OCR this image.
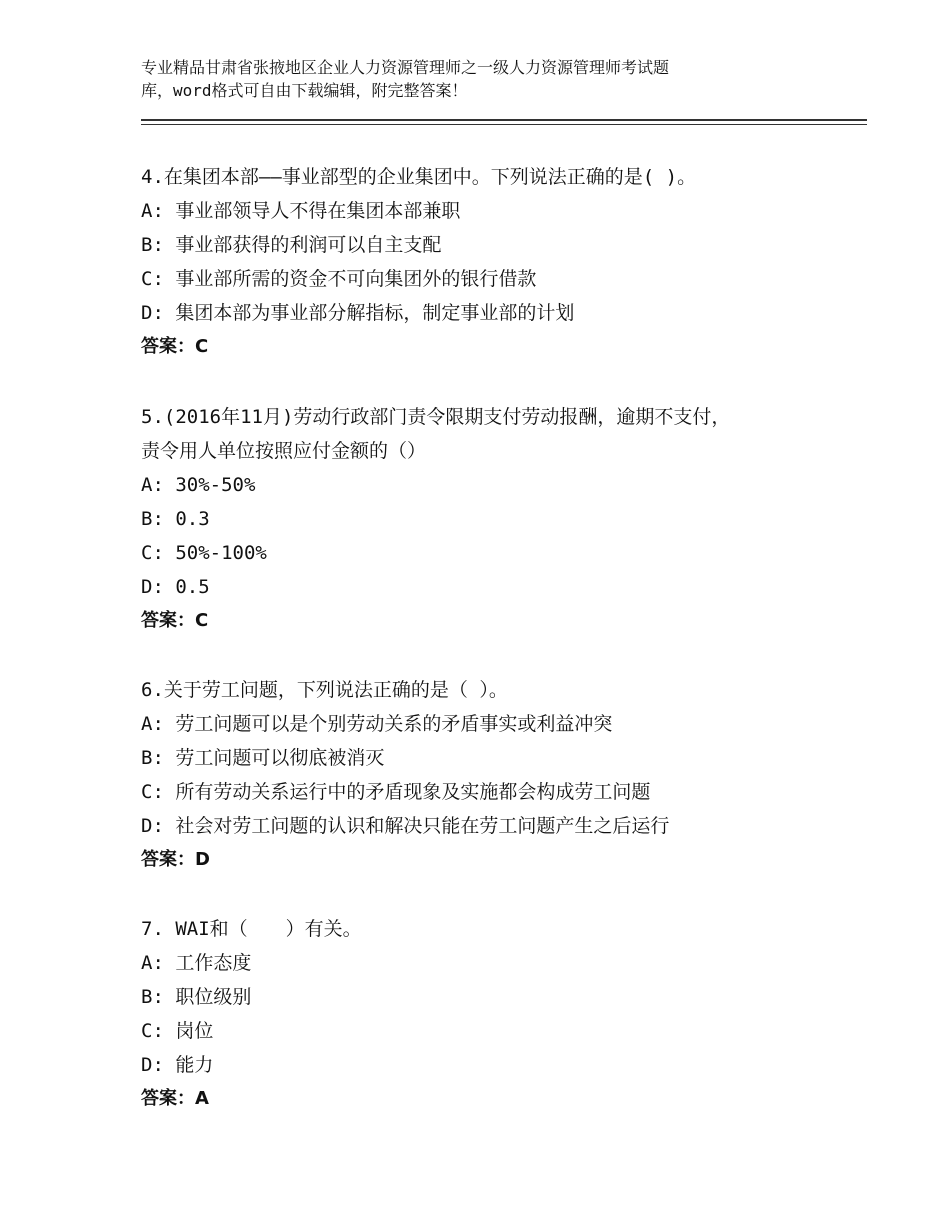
专业精品甘肃省张掖地区企业人力资源管理师之一级人力资源管理师考试题
库，word格式可自由下载编辑，附完整答案！
4.在集团本部——事业部型的企业集团中。下列说法正确的是( )。
A: 事业部领导人不得在集团本部兼职
B: 事业部获得的利润可以自主支配
C: 事业部所需的资金不可向集团外的银行借款
D: 集团本部为事业部分解指标，制定事业部的计划
答案：C
5.(2016年11月)劳动行政部门责令限期支付劳动报酬，逾期不支付，
责令用人单位按照应付金额的（）
A: 30%-50%
B: 0.3
C: 50%-100%
D: 0.5
答案：C
6.关于劳工问题，下列说法正确的是（ ）。
A: 劳工问题可以是个别劳动关系的矛盾事实或利益冲突
B: 劳工问题可以彻底被消灭
C: 所有劳动关系运行中的矛盾现象及实施都会构成劳工问题
D: 社会对劳工问题的认识和解决只能在劳工问题产生之后运行
答案：D
7. WAI和（　　）有关。
A: 工作态度
B: 职位级别
C: 岗位
D: 能力
答案：A
